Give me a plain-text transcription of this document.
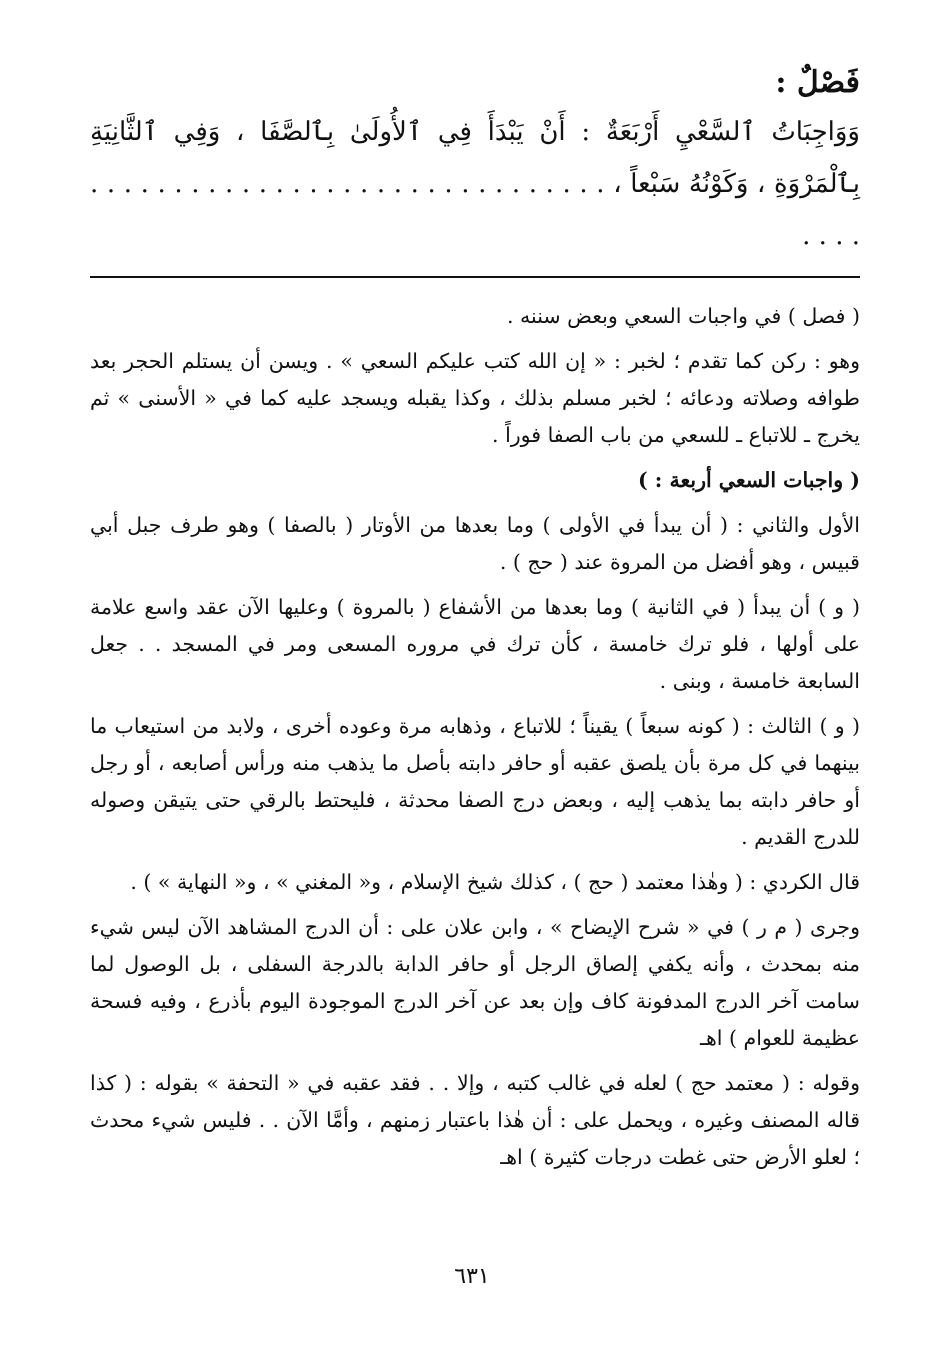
فَصْلٌ :

وَوَاجِبَاتُ ٱلسَّعْيِ أَرْبَعَةٌ : أَنْ يَبْدَأَ فِي ٱلأُولَىٰ بِٱلصَّفَا ، وَفِي ٱلثَّانِيَةِ بِٱلْمَرْوَةِ ، وَكَوْنُهُ سَبْعاً ، . . . . . . . . . . . . . . . . . . . . . . . . . . . . . . . . . . .

( فصل ) في واجبات السعي وبعض سننه .

وهو : ركن كما تقدم ؛ لخبر : « إن الله كتب عليكم السعي » . ويسن أن يستلم الحجر بعد طوافه وصلاته ودعائه ؛ لخبر مسلم بذلك ، وكذا يقبله ويسجد عليه كما في « الأسنى » ثم يخرج ـ للاتباع ـ للسعي من باب الصفا فوراً .

( واجبات السعي أربعة : )

الأول والثاني : ( أن يبدأ في الأولى ) وما بعدها من الأوتار ( بالصفا ) وهو طرف جبل أبي قبيس ، وهو أفضل من المروة عند ( حج ) .

( و ) أن يبدأ ( في الثانية ) وما بعدها من الأشفاع ( بالمروة ) وعليها الآن عقد واسع علامة على أولها ، فلو ترك خامسة ، كأن ترك في مروره المسعى ومر في المسجد . . جعل السابعة خامسة ، وبنى .

( و ) الثالث : ( كونه سبعاً ) يقيناً ؛ للاتباع ، وذهابه مرة وعوده أخرى ، ولابد من استيعاب ما بينهما في كل مرة بأن يلصق عقبه أو حافر دابته بأصل ما يذهب منه ورأس أصابعه ، أو رجل أو حافر دابته بما يذهب إليه ، وبعض درج الصفا محدثة ، فليحتط بالرقي حتى يتيقن وصوله للدرج القديم .

قال الكردي : ( وهٰذا معتمد ( حج ) ، كذلك شيخ الإسلام ، و« المغني » ، و« النهاية » ) .

وجرى ( م ر ) في « شرح الإيضاح » ، وابن علان على : أن الدرج المشاهد الآن ليس شيء منه بمحدث ، وأنه يكفي إلصاق الرجل أو حافر الدابة بالدرجة السفلى ، بل الوصول لما سامت آخر الدرج المدفونة كاف وإن بعد عن آخر الدرج الموجودة اليوم بأذرع ، وفيه فسحة عظيمة للعوام ) اهـ

وقوله : ( معتمد حج ) لعله في غالب كتبه ، وإلا . . فقد عقبه في « التحفة » بقوله : ( كذا قاله المصنف وغيره ، ويحمل على : أن هٰذا باعتبار زمنهم ، وأمَّا الآن . . فليس شيء محدث ؛ لعلو الأرض حتى غطت درجات كثيرة ) اهـ

٦٣١
